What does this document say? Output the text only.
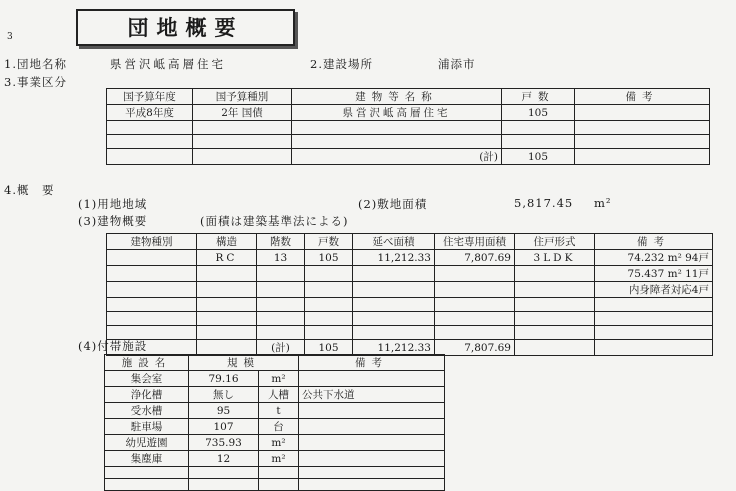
3	団地概要
1.団地名称	県営沢岻高層住宅	2.建設場所	浦添市
3.事業区分
国予算年度	国予算種別	建物等名称	戸数	備考
平成8年度	2年 国債	県営沢岻高層住宅	105	

		(計)	105	
4.概　要
(1)用地地域	(2)敷地面積	5,817.45 m²
(3)建物概要	(面積は建築基準法による)
建物種別	構造	階数	戸数	延べ面積	住宅専用面積	住戸形式	備考
	RC	13	105	11,212.33	7,807.69	3LDK	74.232 m² 94戸
							75.437 m² 11戸
							内身障者対応4戸

		(計)	105	11,212.33	7,807.69		
(4)付帯施設
施設名	規模		備考
集会室	79.16	m²	
浄化槽	無し	人槽	公共下水道
受水槽	95	t	
駐車場	107	台	
幼児遊園	735.93	m²	
集塵庫	12	m²	
